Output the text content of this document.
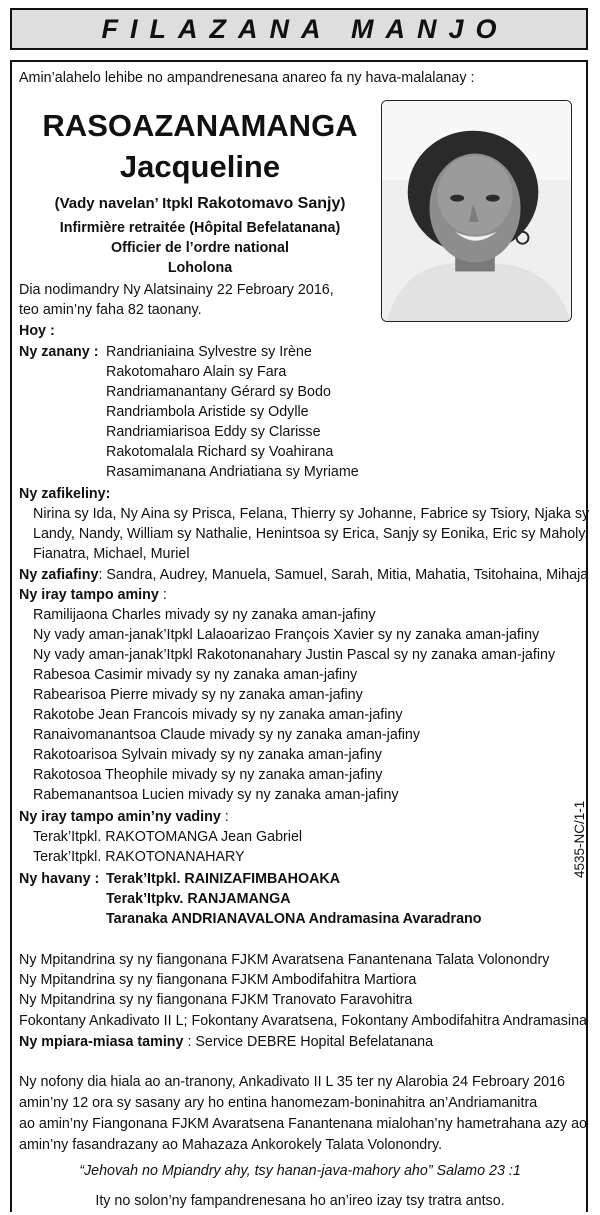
FILAZANA MANJO
Amin’alahelo lehibe no ampandrenesana anareo fa ny hava-malalanay :
RASOAZANAMANGA
Jacqueline
(Vady navelan’ Itpkl Rakotomavo Sanjy)
Infirmière retraitée (Hôpital Befelatanana)
Officier de l’ordre national
Loholona
Dia nodimandry Ny Alatsinainy 22 Febroary 2016,
teo amin’ny faha 82 taonany.
Hoy :
Ny zanany : Randrianiaina Sylvestre sy Irène
Rakotomaharo Alain sy Fara
Randriamanantany Gérard sy Bodo
Randriambola Aristide sy Odylle
Randriamiarisoa Eddy sy Clarisse
Rakotomalala Richard sy Voahirana
Rasamimanana Andriatiana sy Myriame
Ny zafikeliny:
Nirina sy Ida, Ny Aina sy Prisca, Felana, Thierry sy Johanne, Fabrice sy Tsiory, Njaka sy
Landy, Nandy, William sy Nathalie, Henintsoa sy Erica, Sanjy sy Eonika, Eric sy Maholy,
Fianatra, Michael, Muriel
Ny zafiafiny: Sandra, Audrey, Manuela, Samuel, Sarah, Mitia, Mahatia, Tsitohaina, Mihaja
Ny iray tampo aminy :
Ramilijaona Charles mivady sy ny zanaka aman-jafiny
Ny vady aman-janak’Itpkl Lalaoarizao François Xavier sy ny zanaka aman-jafiny
Ny vady aman-janak’Itpkl Rakotonanahary Justin Pascal sy ny zanaka aman-jafiny
Rabesoa Casimir mivady sy ny zanaka aman-jafiny
Rabearisoa Pierre mivady sy ny zanaka aman-jafiny
Rakotobe Jean Francois mivady sy ny zanaka aman-jafiny
Ranaivomanantsoa Claude mivady sy ny zanaka aman-jafiny
Rakotoarisoa Sylvain mivady sy ny zanaka aman-jafiny
Rakotosoa Theophile mivady sy ny zanaka aman-jafiny
Rabemanantsoa Lucien mivady sy ny zanaka aman-jafiny
Ny iray tampo amin’ny vadiny :
Terak’Itpkl. RAKOTOMANGA Jean Gabriel
Terak’Itpkl. RAKOTONANAHARY
Ny havany : Terak’Itpkl. RAINIZAFIMBAHOAKA
Terak’Itpkv. RANJAMANGA
Taranaka ANDRIANAVALONA Andramasina Avaradrano
4535-NC/1-1
Ny Mpitandrina sy ny fiangonana FJKM Avaratsena Fanantenana Talata Volonondry
Ny Mpitandrina sy ny fiangonana FJKM Ambodifahitra Martiora
Ny Mpitandrina sy ny fiangonana FJKM Tranovato Faravohitra
Fokontany Ankadivato II L; Fokontany Avaratsena, Fokontany Ambodifahitra Andramasina
Ny mpiara-miasa taminy : Service DEBRE Hopital Befelatanana
Ny nofony dia hiala ao an-tranony, Ankadivato II L 35 ter ny Alarobia 24 Febroary 2016
amin’ny 12 ora sy sasany ary ho entina hanomezam-boninahitra an’Andriamanitra
ao amin’ny Fiangonana FJKM Avaratsena Fanantenana mialohan’ny hametrahana azy ao
amin’ny fasandrazany ao Mahazaza Ankorokely Talata Volonondry.
“Jehovah no Mpiandry ahy, tsy hanan-java-mahory aho” Salamo 23 :1
Ity no solon’ny fampandrenesana ho an’ireo izay tsy tratra antso.
